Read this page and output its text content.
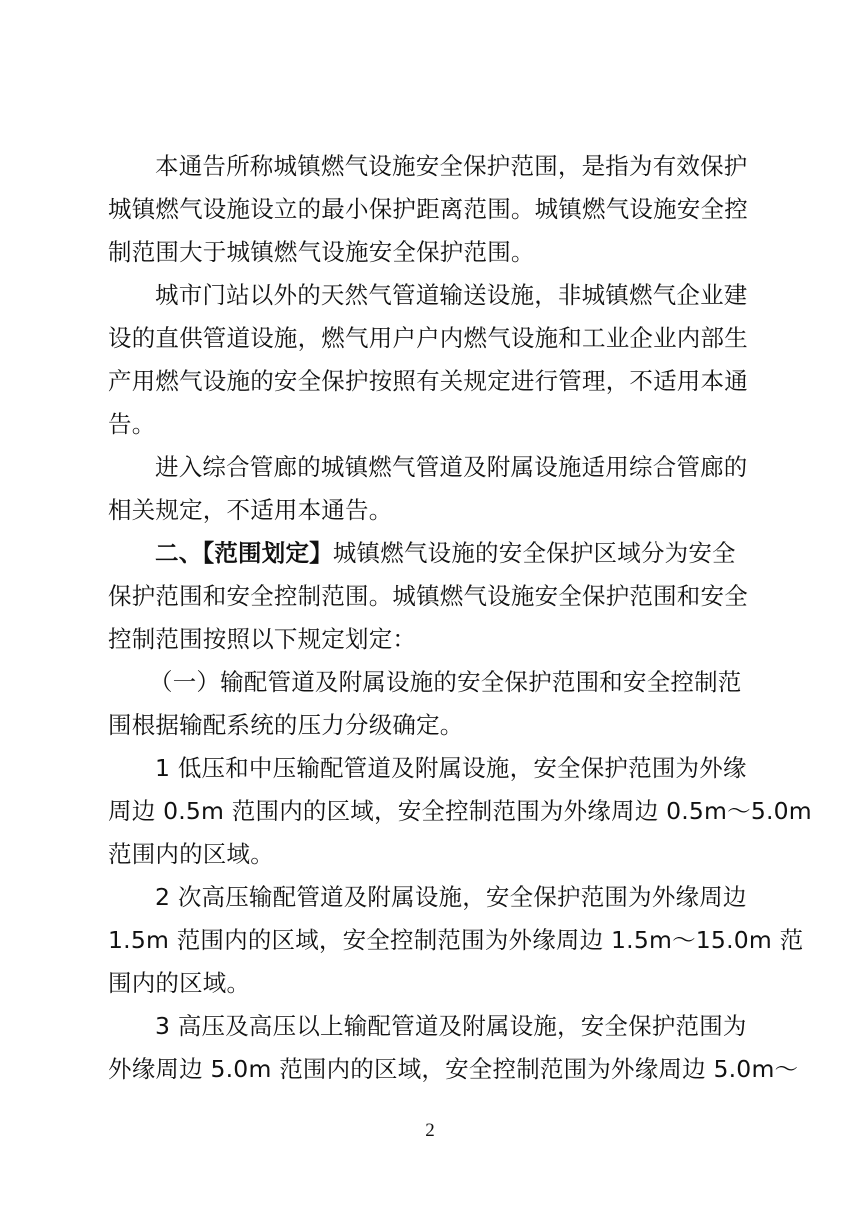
本通告所称城镇燃气设施安全保护范围，是指为有效保护
城镇燃气设施设立的最小保护距离范围。城镇燃气设施安全控
制范围大于城镇燃气设施安全保护范围。
城市门站以外的天然气管道输送设施，非城镇燃气企业建
设的直供管道设施，燃气用户户内燃气设施和工业企业内部生
产用燃气设施的安全保护按照有关规定进行管理，不适用本通
告。
进入综合管廊的城镇燃气管道及附属设施适用综合管廊的
相关规定，不适用本通告。
二、【范围划定】城镇燃气设施的安全保护区域分为安全
保护范围和安全控制范围。城镇燃气设施安全保护范围和安全
控制范围按照以下规定划定：
（一）输配管道及附属设施的安全保护范围和安全控制范
围根据输配系统的压力分级确定。
1 低压和中压输配管道及附属设施，安全保护范围为外缘
周边 0.5m 范围内的区域，安全控制范围为外缘周边 0.5m～5.0m
范围内的区域。
2 次高压输配管道及附属设施，安全保护范围为外缘周边
1.5m 范围内的区域，安全控制范围为外缘周边 1.5m～15.0m 范
围内的区域。
3 高压及高压以上输配管道及附属设施，安全保护范围为
外缘周边 5.0m 范围内的区域，安全控制范围为外缘周边 5.0m～
2
